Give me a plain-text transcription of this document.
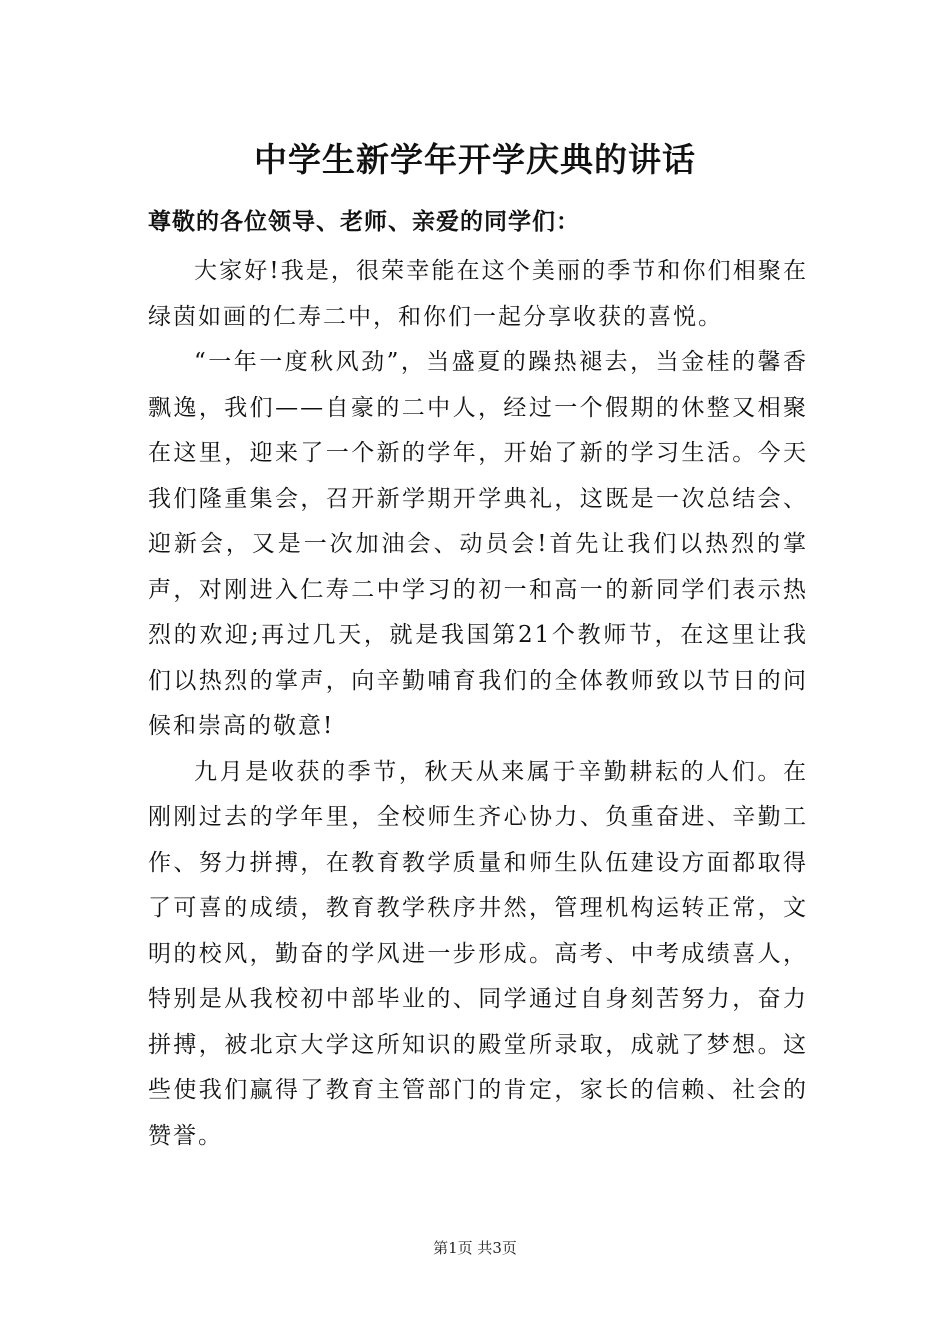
中学生新学年开学庆典的讲话

尊敬的各位领导、老师、亲爱的同学们：

大家好!我是，很荣幸能在这个美丽的季节和你们相聚在绿茵如画的仁寿二中，和你们一起分享收获的喜悦。

“一年一度秋风劲”，当盛夏的躁热褪去，当金桂的馨香飘逸，我们——自豪的二中人，经过一个假期的休整又相聚在这里，迎来了一个新的学年，开始了新的学习生活。今天我们隆重集会，召开新学期开学典礼，这既是一次总结会、迎新会，又是一次加油会、动员会!首先让我们以热烈的掌声，对刚进入仁寿二中学习的初一和高一的新同学们表示热烈的欢迎;再过几天，就是我国第21个教师节，在这里让我们以热烈的掌声，向辛勤哺育我们的全体教师致以节日的问候和崇高的敬意!

九月是收获的季节，秋天从来属于辛勤耕耘的人们。在刚刚过去的学年里，全校师生齐心协力、负重奋进、辛勤工作、努力拼搏，在教育教学质量和师生队伍建设方面都取得了可喜的成绩，教育教学秩序井然，管理机构运转正常，文明的校风，勤奋的学风进一步形成。高考、中考成绩喜人，特别是从我校初中部毕业的、同学通过自身刻苦努力，奋力拼搏，被北京大学这所知识的殿堂所录取，成就了梦想。这些使我们赢得了教育主管部门的肯定，家长的信赖、社会的赞誉。

第1页 共3页
